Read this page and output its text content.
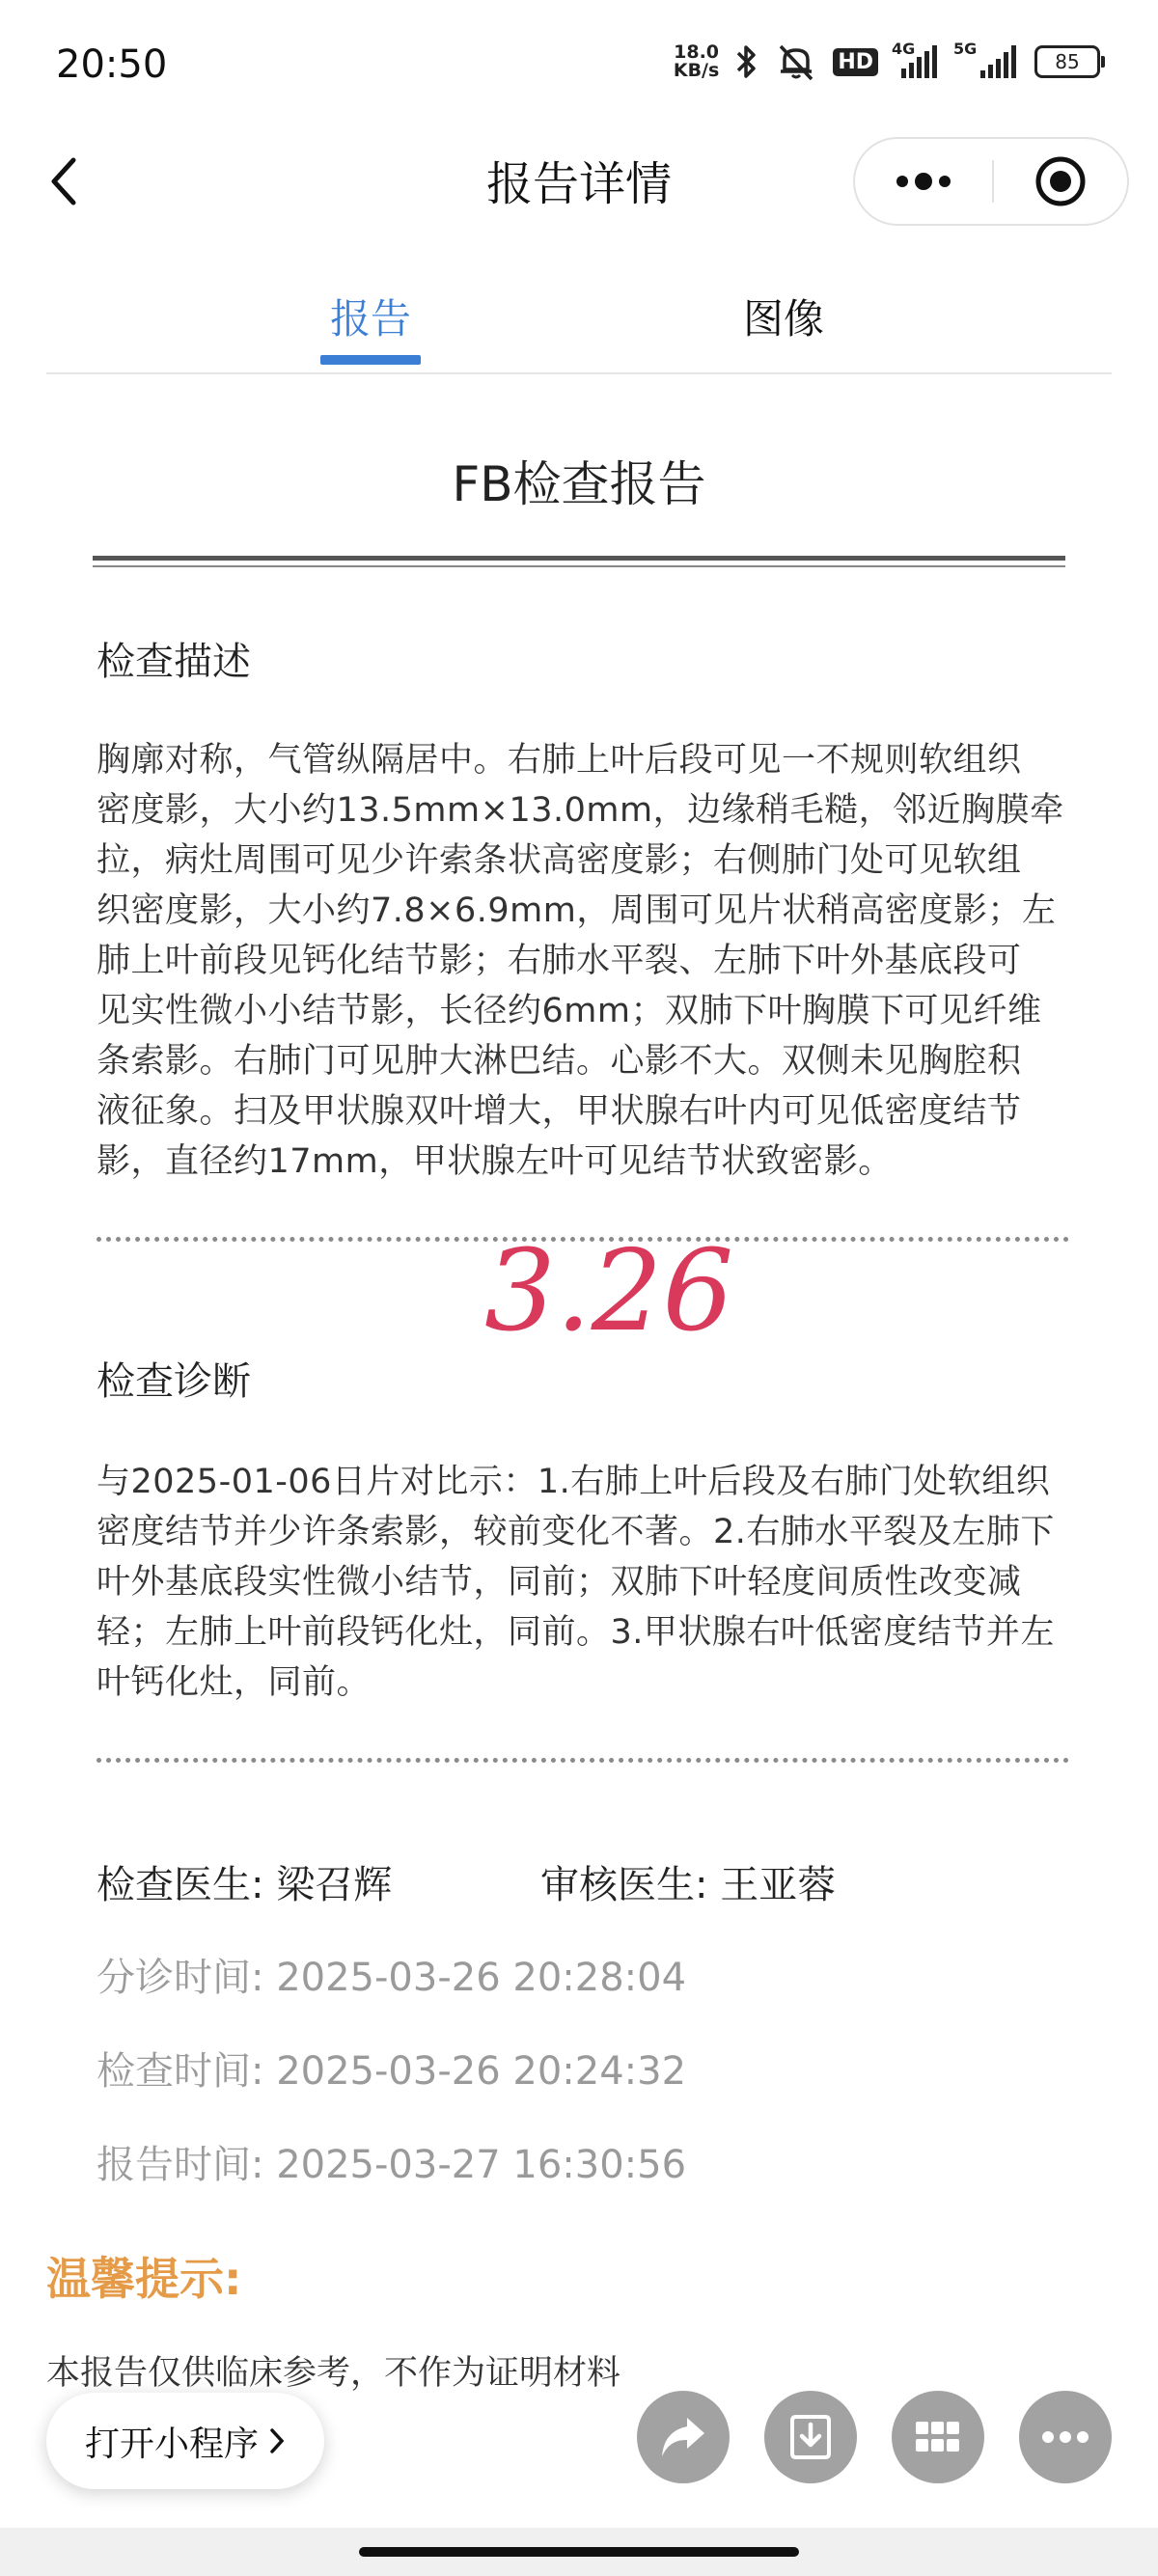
20:50	18.0
KB/s	HD
4G 5G
85
报告详情
报告	图像
FB检查报告
检查描述
胸廓对称，气管纵隔居中。右肺上叶后段可见一不规则软组织
密度影，大小约13.5mm×13.0mm，边缘稍毛糙，邻近胸膜牵
拉，病灶周围可见少许索条状高密度影；右侧肺门处可见软组
织密度影，大小约7.8×6.9mm，周围可见片状稍高密度影；左
肺上叶前段见钙化结节影；右肺水平裂、左肺下叶外基底段可
见实性微小小结节影，长径约6mm；双肺下叶胸膜下可见纤维
条索影。右肺门可见肿大淋巴结。心影不大。双侧未见胸腔积
液征象。扫及甲状腺双叶增大，甲状腺右叶内可见低密度结节
影，直径约17mm，甲状腺左叶可见结节状致密影。
3.26
检查诊断
与2025-01-06日片对比示：1.右肺上叶后段及右肺门处软组织
密度结节并少许条索影，较前变化不著。2.右肺水平裂及左肺下
叶外基底段实性微小结节，同前；双肺下叶轻度间质性改变减
轻；左肺上叶前段钙化灶，同前。3.甲状腺右叶低密度结节并左
叶钙化灶，同前。
检查医生: 梁召辉	审核医生: 王亚蓉
分诊时间: 2025-03-26 20:28:04
检查时间: 2025-03-26 20:24:32
报告时间: 2025-03-27 16:30:56
温馨提示:
本报告仅供临床参考，不作为证明材料
打开小程序
